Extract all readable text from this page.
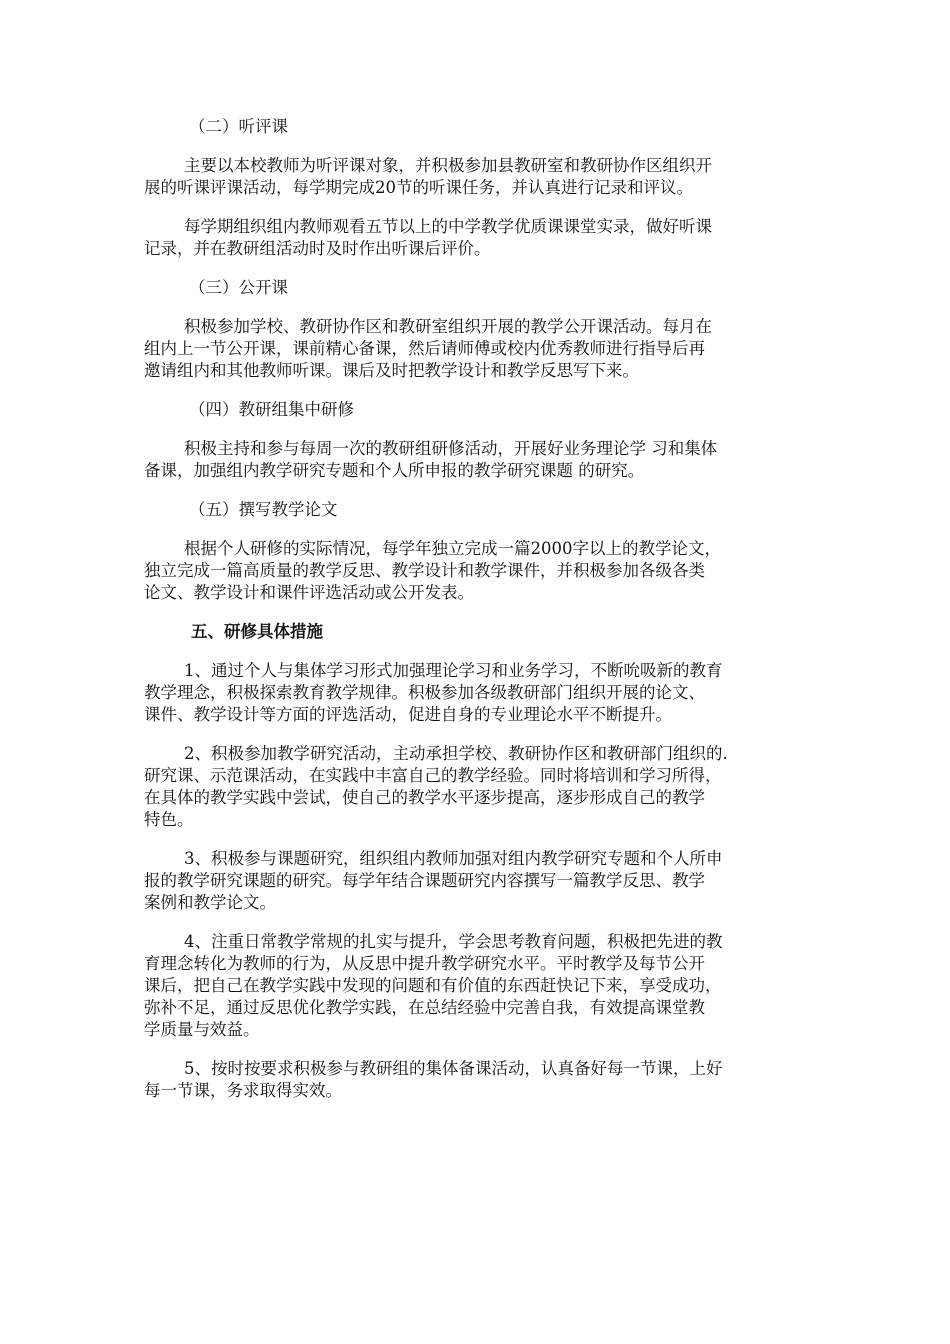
（二）听评课
主要以本校教师为听评课对象，并积极参加县教研室和教研协作区组织开
展的听课评课活动，每学期完成20节的听课任务，并认真进行记录和评议。
每学期组织组内教师观看五节以上的中学教学优质课课堂实录，做好听课
记录，并在教研组活动时及时作出听课后评价。
（三）公开课
积极参加学校、教研协作区和教研室组织开展的教学公开课活动。每月在
组内上一节公开课，课前精心备课，然后请师傅或校内优秀教师进行指导后再
邀请组内和其他教师听课。课后及时把教学设计和教学反思写下来。
（四）教研组集中研修
积极主持和参与每周一次的教研组研修活动，开展好业务理论学 习和集体
备课，加强组内教学研究专题和个人所申报的教学研究课题 的研究。
（五）撰写教学论文
根据个人研修的实际情况，每学年独立完成一篇2000字以上的教学论文，
独立完成一篇高质量的教学反思、教学设计和教学课件，并积极参加各级各类
论文、教学设计和课件评选活动或公开发表。
五、研修具体措施
1、通过个人与集体学习形式加强理论学习和业务学习，不断吮吸新的教育
教学理念，积极探索教育教学规律。积极参加各级教研部门组织开展的论文、
课件、教学设计等方面的评选活动，促进自身的专业理论水平不断提升。
2、积极参加教学研究活动，主动承担学校、教研协作区和教研部门组织的.
研究课、示范课活动，在实践中丰富自己的教学经验。同时将培训和学习所得，
在具体的教学实践中尝试，使自己的教学水平逐步提高，逐步形成自己的教学
特色。
3、积极参与课题研究，组织组内教师加强对组内教学研究专题和个人所申
报的教学研究课题的研究。每学年结合课题研究内容撰写一篇教学反思、教学
案例和教学论文。
4、注重日常教学常规的扎实与提升，学会思考教育问题，积极把先进的教
育理念转化为教师的行为，从反思中提升教学研究水平。平时教学及每节公开
课后，把自己在教学实践中发现的问题和有价值的东西赶快记下来，享受成功，
弥补不足，通过反思优化教学实践，在总结经验中完善自我，有效提高课堂教
学质量与效益。
5、按时按要求积极参与教研组的集体备课活动，认真备好每一节课，上好
每一节课，务求取得实效。
